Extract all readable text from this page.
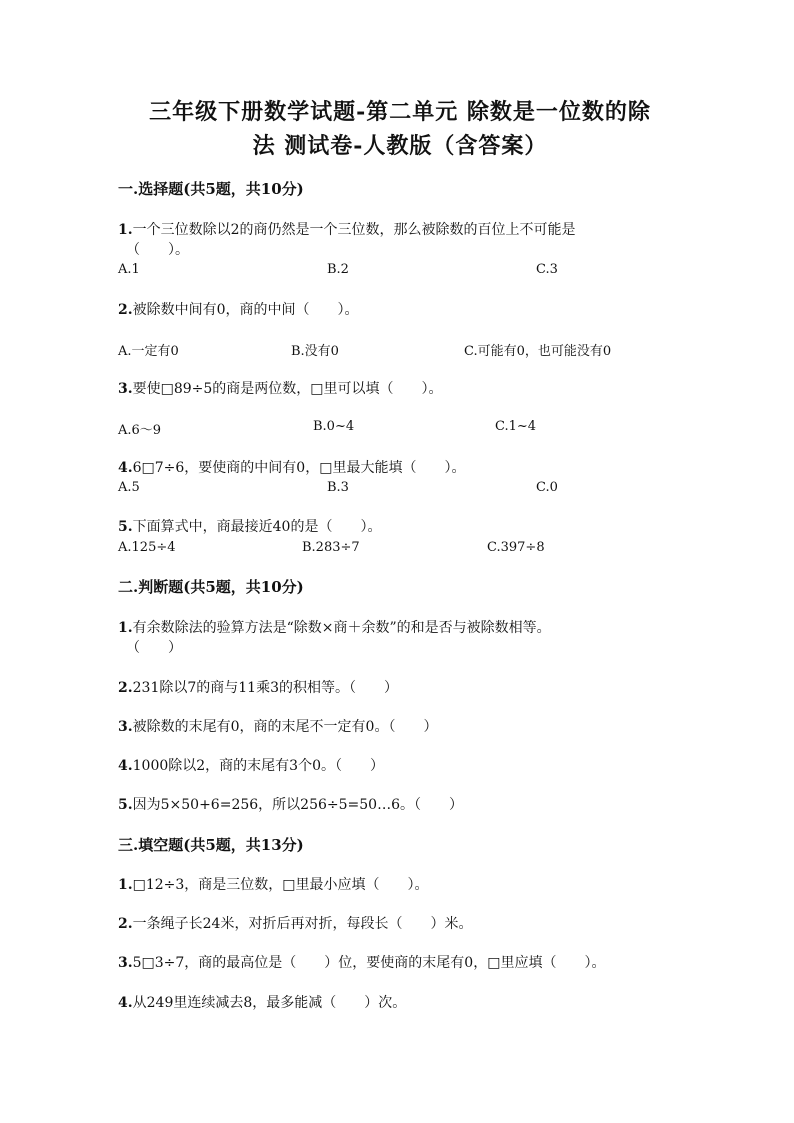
三年级下册数学试题-第二单元 除数是一位数的除
法 测试卷-人教版（含答案）
一.选择题(共5题，共10分)
1.一个三位数除以2的商仍然是一个三位数，那么被除数的百位上不可能是
（　　）。
A.1	B.2	C.3
2.被除数中间有0，商的中间（　　）。
A.一定有0	B.没有0	C.可能有0，也可能没有0
3.要使□89÷5的商是两位数，□里可以填（　　）。
A.6～9	B.0~4	C.1~4
4.6□7÷6，要使商的中间有0，□里最大能填（　　）。
A.5	B.3	C.0
5.下面算式中，商最接近40的是（　　）。
A.125÷4	B.283÷7	C.397÷8
二.判断题(共5题，共10分)
1.有余数除法的验算方法是“除数×商＋余数”的和是否与被除数相等。
（　　）
2.231除以7的商与11乘3的积相等。（　　）
3.被除数的末尾有0，商的末尾不一定有0。（　　）
4.1000除以2，商的末尾有3个0。（　　）
5.因为5×50+6=256，所以256÷5=50…6。（　　）
三.填空题(共5题，共13分)
1.□12÷3，商是三位数，□里最小应填（　　）。
2.一条绳子长24米，对折后再对折，每段长（　　）米。
3.5□3÷7，商的最高位是（　　）位，要使商的末尾有0，□里应填（　　）。
4.从249里连续减去8，最多能减（　　）次。
